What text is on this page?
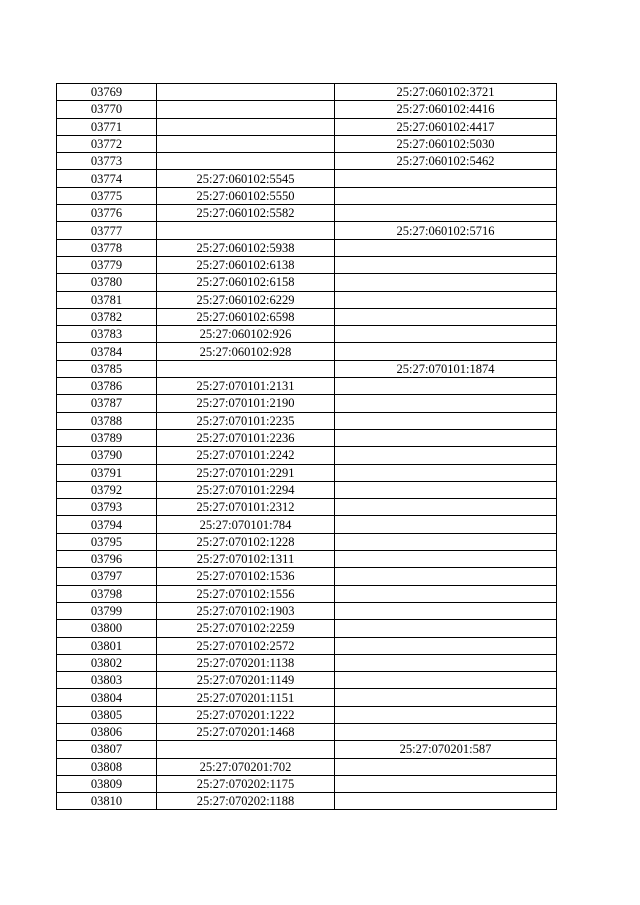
03769		25:27:060102:3721
03770		25:27:060102:4416
03771		25:27:060102:4417
03772		25:27:060102:5030
03773		25:27:060102:5462
03774	25:27:060102:5545	
03775	25:27:060102:5550	
03776	25:27:060102:5582	
03777		25:27:060102:5716
03778	25:27:060102:5938	
03779	25:27:060102:6138	
03780	25:27:060102:6158	
03781	25:27:060102:6229	
03782	25:27:060102:6598	
03783	25:27:060102:926	
03784	25:27:060102:928	
03785		25:27:070101:1874
03786	25:27:070101:2131	
03787	25:27:070101:2190	
03788	25:27:070101:2235	
03789	25:27:070101:2236	
03790	25:27:070101:2242	
03791	25:27:070101:2291	
03792	25:27:070101:2294	
03793	25:27:070101:2312	
03794	25:27:070101:784	
03795	25:27:070102:1228	
03796	25:27:070102:1311	
03797	25:27:070102:1536	
03798	25:27:070102:1556	
03799	25:27:070102:1903	
03800	25:27:070102:2259	
03801	25:27:070102:2572	
03802	25:27:070201:1138	
03803	25:27:070201:1149	
03804	25:27:070201:1151	
03805	25:27:070201:1222	
03806	25:27:070201:1468	
03807		25:27:070201:587
03808	25:27:070201:702	
03809	25:27:070202:1175	
03810	25:27:070202:1188	
